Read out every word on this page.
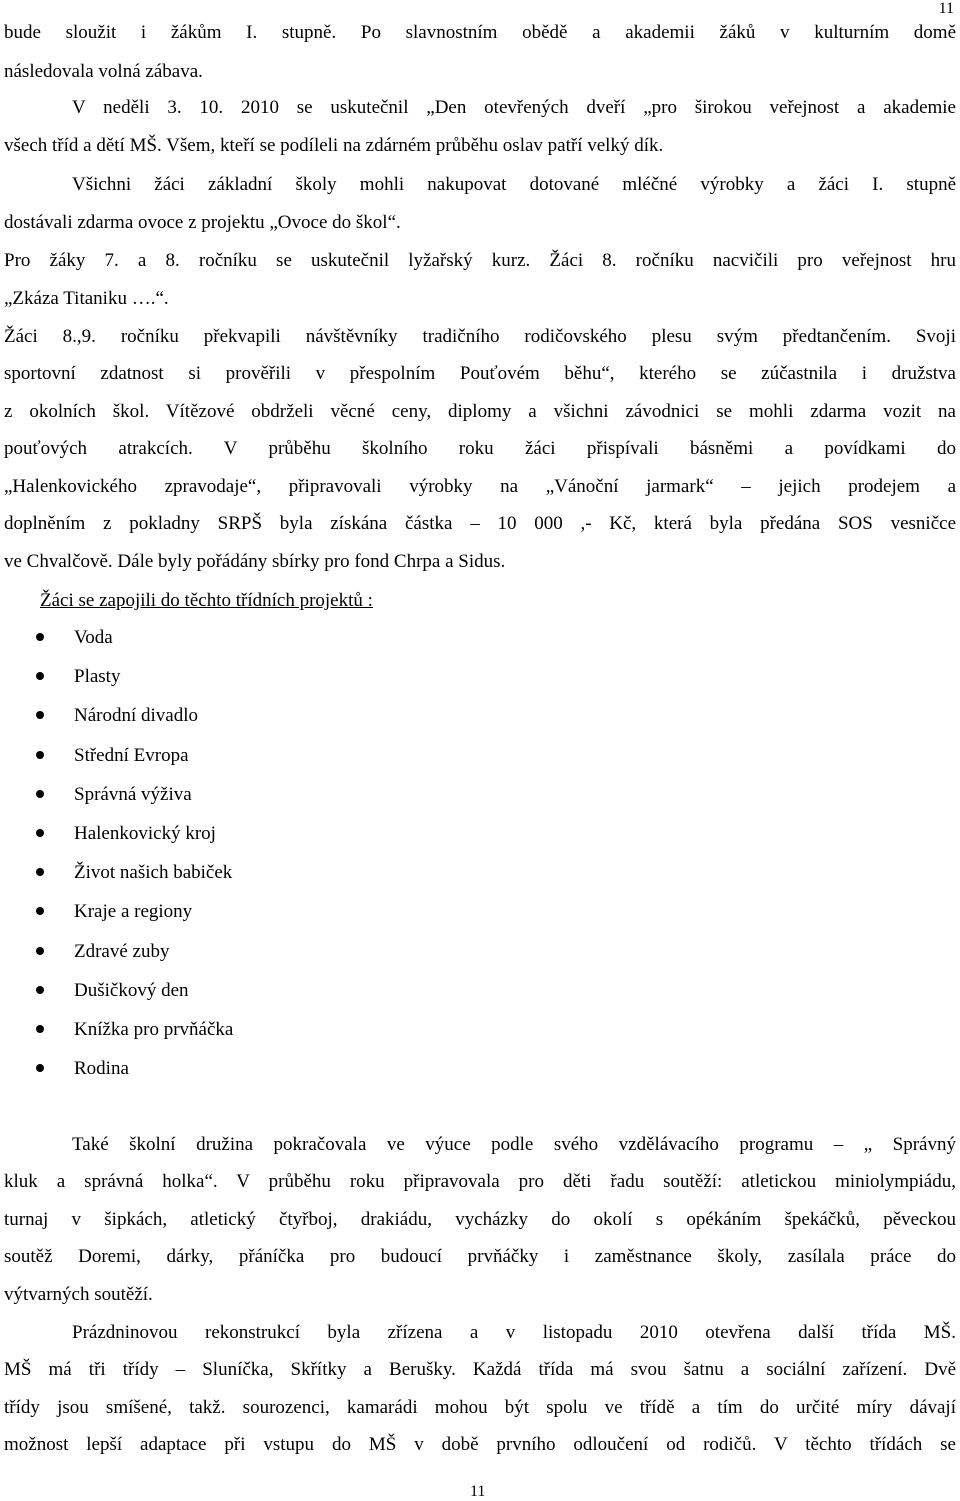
11
bude sloužit i žákům I. stupně. Po slavnostním obědě a akademii žáků v kulturním domě
následovala volná zábava.
V neděli 3. 10. 2010 se uskutečnil „Den otevřených dveří „pro širokou veřejnost a akademie
všech tříd a dětí MŠ. Všem, kteří se podíleli na zdárném průběhu oslav patří velký dík.
Všichni žáci základní školy mohli nakupovat dotované mléčné výrobky a žáci I. stupně
dostávali zdarma ovoce z projektu „Ovoce do škol“.
Pro žáky 7. a 8. ročníku se uskutečnil lyžařský kurz. Žáci 8. ročníku nacvičili pro veřejnost hru
„Zkáza Titaniku ….“.
Žáci 8.,9. ročníku překvapili návštěvníky tradičního rodičovského plesu svým předtančením. Svoji
sportovní zdatnost si prověřili v přespolním Pouťovém běhu“, kterého se zúčastnila i družstva
z okolních škol. Vítězové obdrželi věcné ceny, diplomy a všichni závodnici se mohli zdarma vozit na
pouťových atrakcích. V průběhu školního roku žáci přispívali básněmi a povídkami do
„Halenkovického zpravodaje“, připravovali výrobky na „Vánoční jarmark“ – jejich prodejem a
doplněním z pokladny SRPŠ byla získána částka – 10 000 ,- Kč, která byla předána SOS vesničce
ve Chvalčově. Dále byly pořádány sbírky pro fond Chrpa a Sidus.
Žáci se zapojili do těchto třídních projektů :
Voda
Plasty
Národní divadlo
Střední Evropa
Správná výživa
Halenkovický kroj
Život našich babiček
Kraje a regiony
Zdravé zuby
Dušičkový den
Knížka pro prvňáčka
Rodina
Také školní družina pokračovala ve výuce podle svého vzdělávacího programu – „ Správný
kluk a správná holka“. V průběhu roku připravovala pro děti řadu soutěží: atletickou miniolympiádu,
turnaj v šipkách, atletický čtyřboj, drakiádu, vycházky do okolí s opékáním špekáčků, pěveckou
soutěž Doremi, dárky, přáníčka pro budoucí prvňáčky i zaměstnance školy, zasílala práce do
výtvarných soutěží.
Prázdninovou rekonstrukcí byla zřízena a v listopadu 2010 otevřena další třída MŠ.
MŠ má tři třídy – Sluníčka, Skřítky a Berušky. Každá třída má svou šatnu a sociální zařízení. Dvě
třídy jsou smíšené, takž. sourozenci, kamarádi mohou být spolu ve třídě a tím do určité míry dávají
možnost lepší adaptace při vstupu do MŠ v době prvního odloučení od rodičů. V těchto třídách se
11
